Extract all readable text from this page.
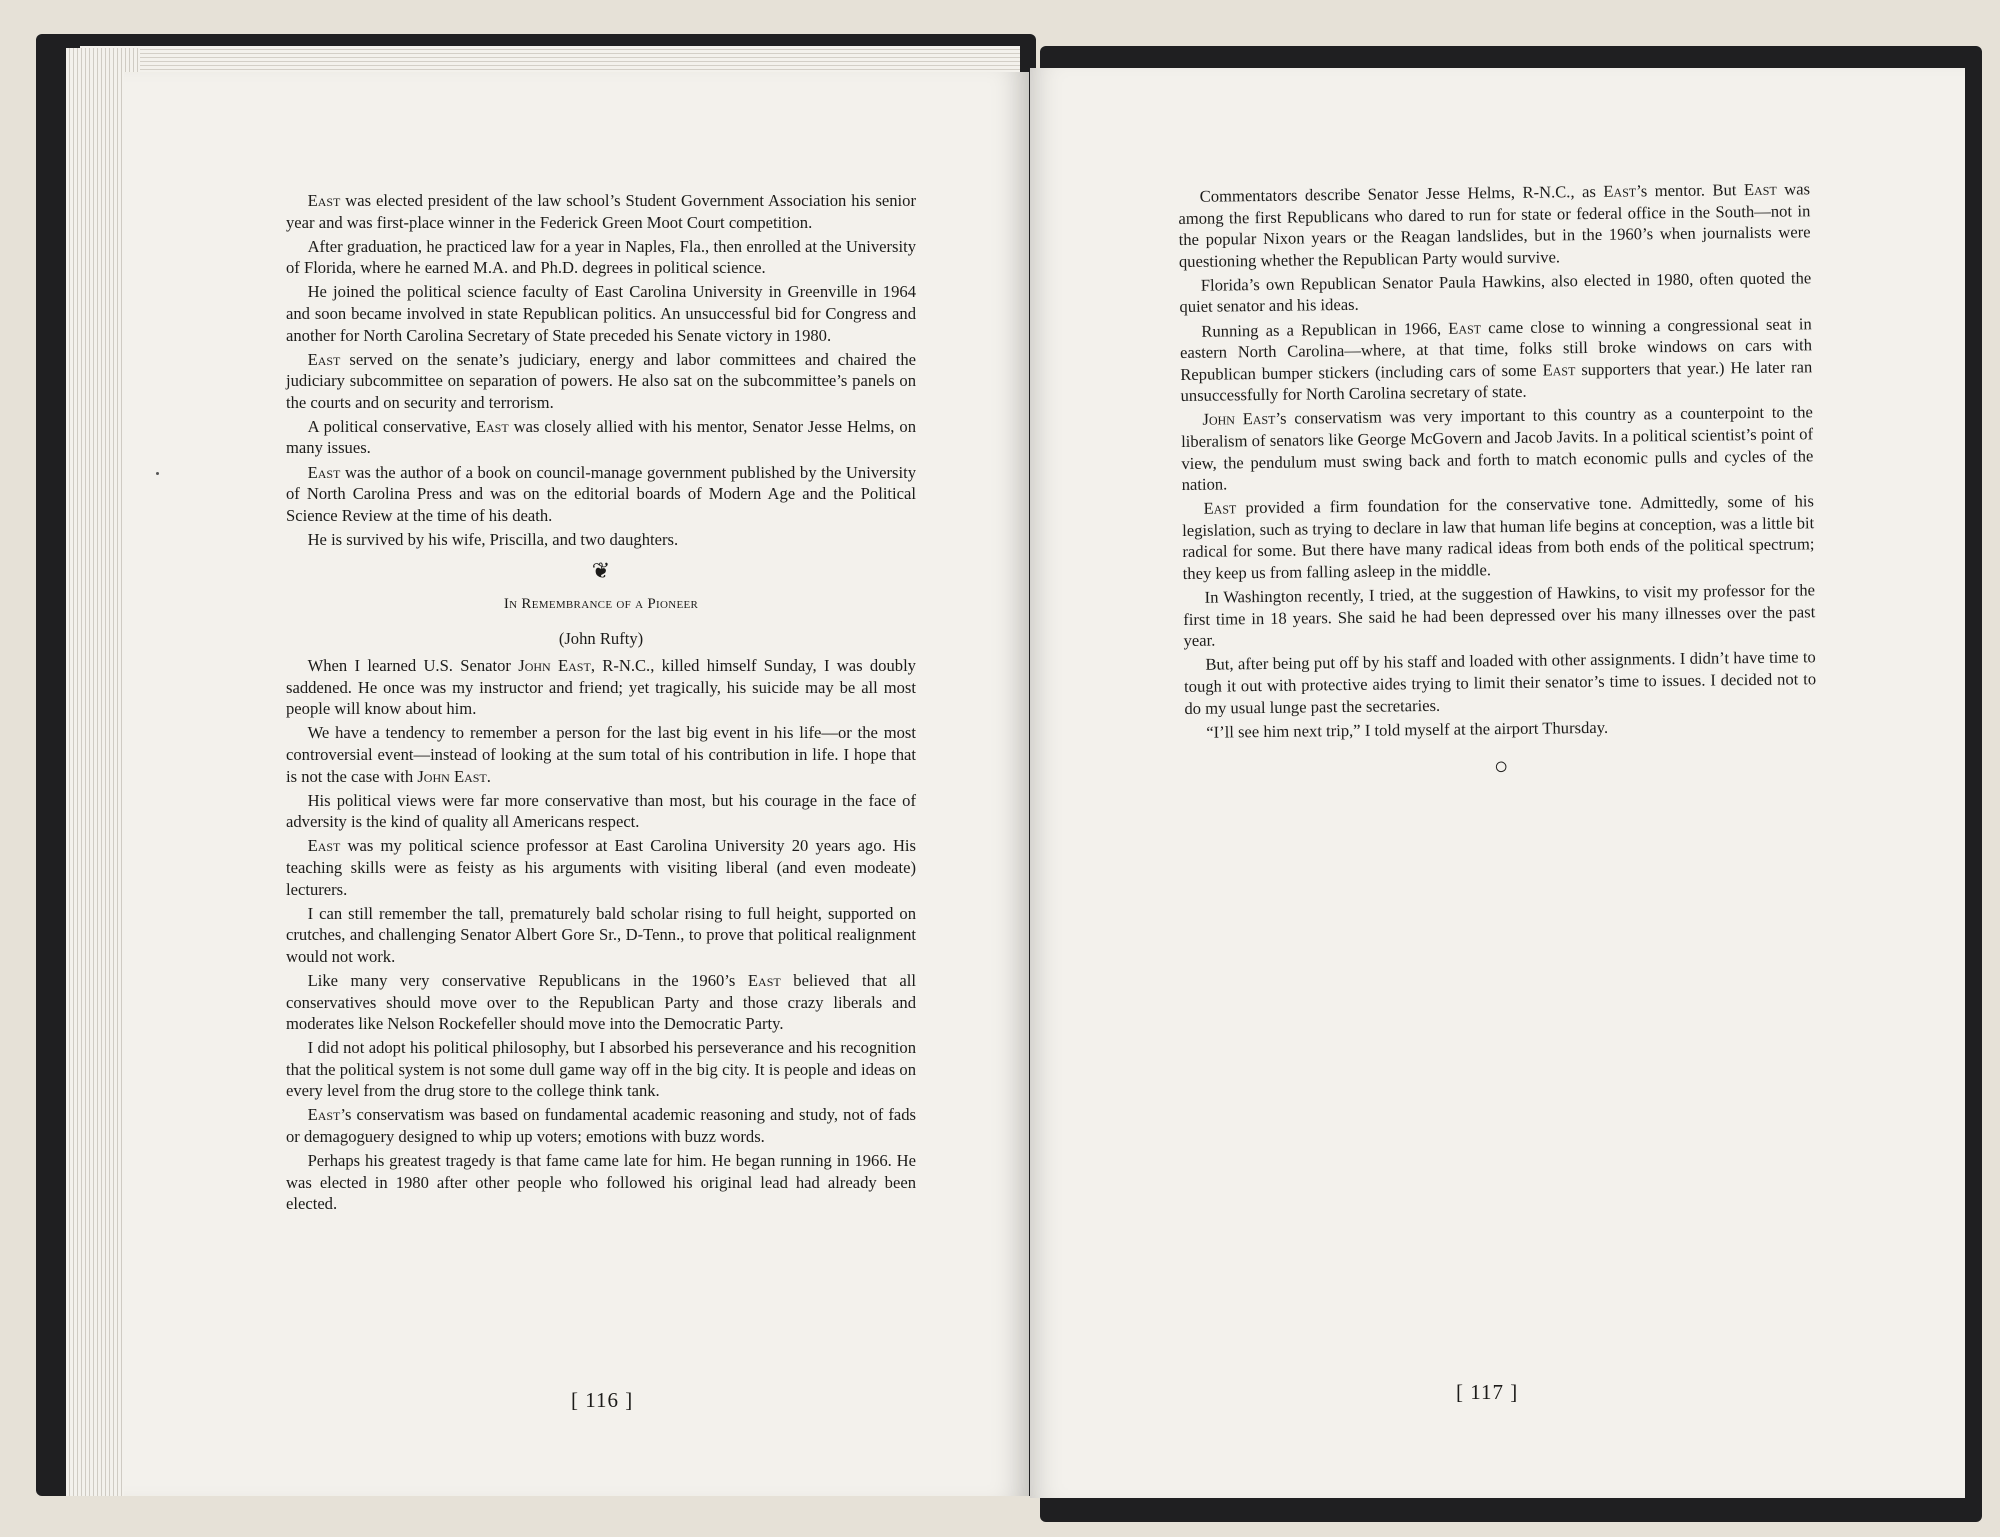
East was elected president of the law school’s Student Government Association his senior year and was first-place winner in the Federick Green Moot Court competition.

After graduation, he practiced law for a year in Naples, Fla., then enrolled at the University of Florida, where he earned M.A. and Ph.D. degrees in political science.

He joined the political science faculty of East Carolina University in Greenville in 1964 and soon became involved in state Republican politics. An unsuccessful bid for Congress and another for North Carolina Secretary of State preceded his Senate victory in 1980.

East served on the senate’s judiciary, energy and labor committees and chaired the judiciary subcommittee on separation of powers. He also sat on the subcommittee’s panels on the courts and on security and terrorism.

A political conservative, East was closely allied with his mentor, Senator Jesse Helms, on many issues.

East was the author of a book on council-manage government published by the University of North Carolina Press and was on the editorial boards of Modern Age and the Political Science Review at the time of his death.

He is survived by his wife, Priscilla, and two daughters.

❦
In Remembrance of a Pioneer
(John Rufty)

When I learned U.S. Senator John East, R-N.C., killed himself Sunday, I was doubly saddened. He once was my instructor and friend; yet tragically, his suicide may be all most people will know about him.

We have a tendency to remember a person for the last big event in his life—or the most controversial event—instead of looking at the sum total of his contribution in life. I hope that is not the case with John East.

His political views were far more conservative than most, but his courage in the face of adversity is the kind of quality all Americans respect.

East was my political science professor at East Carolina University 20 years ago. His teaching skills were as feisty as his arguments with visiting liberal (and even modeate) lecturers.

I can still remember the tall, prematurely bald scholar rising to full height, supported on crutches, and challenging Senator Albert Gore Sr., D-Tenn., to prove that political realignment would not work.

Like many very conservative Republicans in the 1960’s East believed that all conservatives should move over to the Republican Party and those crazy liberals and moderates like Nelson Rockefeller should move into the Democratic Party.

I did not adopt his political philosophy, but I absorbed his perseverance and his recognition that the political system is not some dull game way off in the big city. It is people and ideas on every level from the drug store to the college think tank.

East’s conservatism was based on fundamental academic reasoning and study, not of fads or demagoguery designed to whip up voters; emotions with buzz words.

Perhaps his greatest tragedy is that fame came late for him. He began running in 1966. He was elected in 1980 after other people who followed his original lead had already been elected.

[ 116 ]

Commentators describe Senator Jesse Helms, R-N.C., as East’s mentor. But East was among the first Republicans who dared to run for state or federal office in the South—not in the popular Nixon years or the Reagan landslides, but in the 1960’s when journalists were questioning whether the Republican Party would survive.

Florida’s own Republican Senator Paula Hawkins, also elected in 1980, often quoted the quiet senator and his ideas.

Running as a Republican in 1966, East came close to winning a congressional seat in eastern North Carolina—where, at that time, folks still broke windows on cars with Republican bumper stickers (including cars of some East supporters that year.) He later ran unsuccessfully for North Carolina secretary of state.

John East’s conservatism was very important to this country as a counterpoint to the liberalism of senators like George McGovern and Jacob Javits. In a political scientist’s point of view, the pendulum must swing back and forth to match economic pulls and cycles of the nation.

East provided a firm foundation for the conservative tone. Admittedly, some of his legislation, such as trying to declare in law that human life begins at conception, was a little bit radical for some. But there have many radical ideas from both ends of the political spectrum; they keep us from falling asleep in the middle.

In Washington recently, I tried, at the suggestion of Hawkins, to visit my professor for the first time in 18 years. She said he had been depressed over his many illnesses over the past year.

But, after being put off by his staff and loaded with other assignments. I didn’t have time to tough it out with protective aides trying to limit their senator’s time to issues. I decided not to do my usual lunge past the secretaries.

“I’ll see him next trip,” I told myself at the airport Thursday.

○
[ 117 ]
